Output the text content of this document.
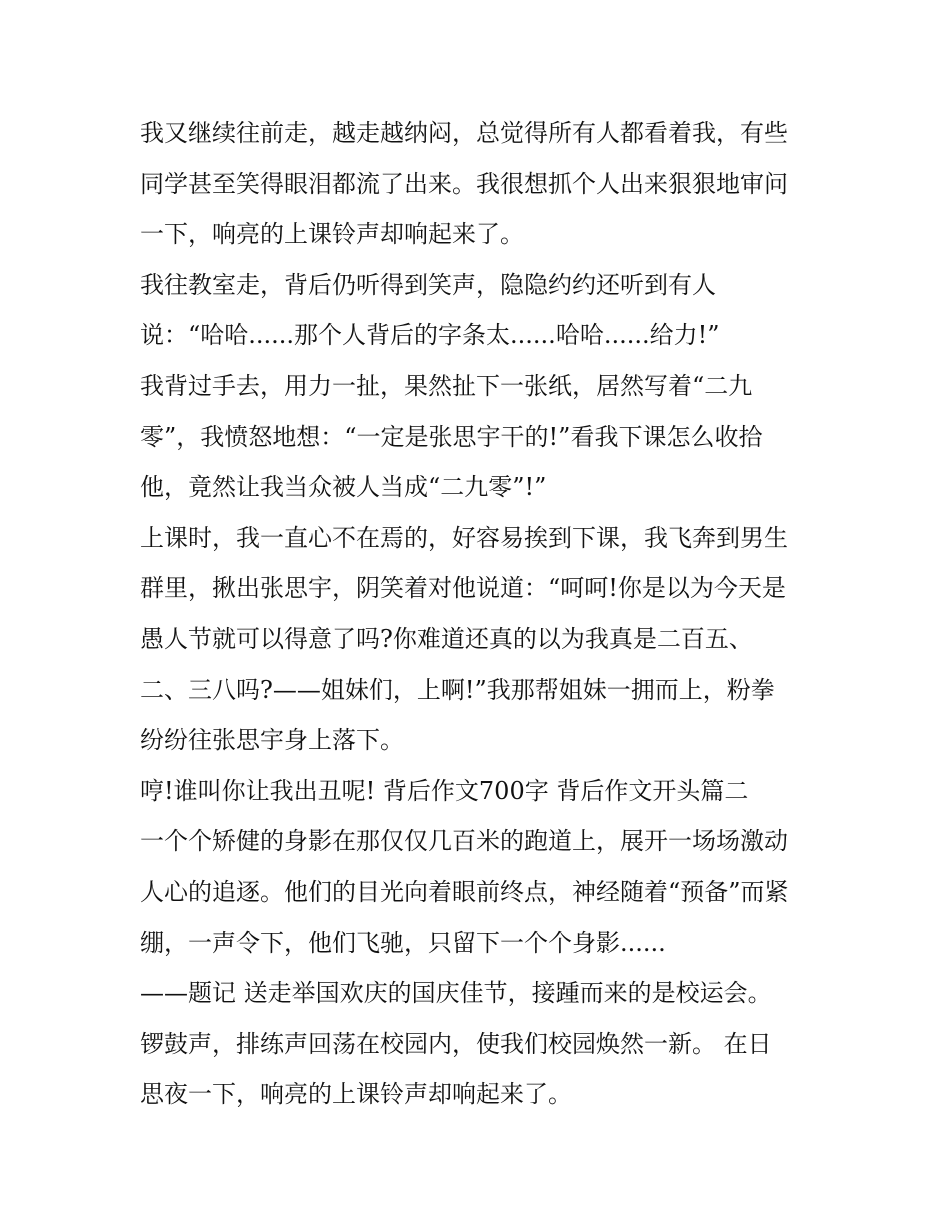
我又继续往前走，越走越纳闷，总觉得所有人都看着我，有些
同学甚至笑得眼泪都流了出来。我很想抓个人出来狠狠地审问
一下，响亮的上课铃声却响起来了。
我往教室走，背后仍听得到笑声，隐隐约约还听到有人
说：“哈哈......那个人背后的字条太......哈哈......给力!”
我背过手去，用力一扯，果然扯下一张纸，居然写着“二九
零”，我愤怒地想：“一定是张思宇干的!”看我下课怎么收拾
他，竟然让我当众被人当成“二九零”!”
上课时，我一直心不在焉的，好容易挨到下课，我飞奔到男生
群里，揪出张思宇，阴笑着对他说道：“呵呵!你是以为今天是
愚人节就可以得意了吗?你难道还真的以为我真是二百五、
二、三八吗?——姐妹们，上啊!”我那帮姐妹一拥而上，粉拳
纷纷往张思宇身上落下。
哼!谁叫你让我出丑呢! 背后作文700字 背后作文开头篇二
一个个矫健的身影在那仅仅几百米的跑道上，展开一场场激动
人心的追逐。他们的目光向着眼前终点，神经随着“预备”而紧
绷，一声令下，他们飞驰，只留下一个个身影......
——题记 送走举国欢庆的国庆佳节，接踵而来的是校运会。
锣鼓声，排练声回荡在校园内，使我们校园焕然一新。 在日
思夜一下，响亮的上课铃声却响起来了。
